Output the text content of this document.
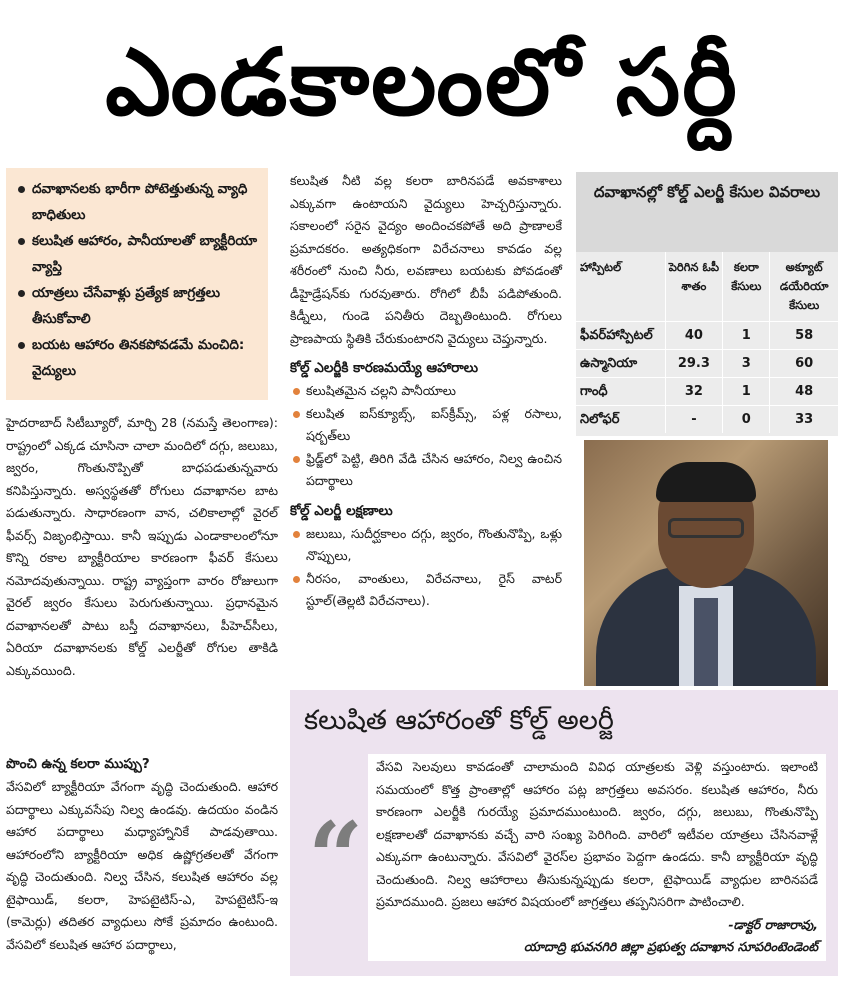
ఎండకాలంలో సర్దీ
దవాఖానలకు భారీగా పోటెత్తుతున్న వ్యాధి బాధితులు
కలుషిత ఆహారం, పానీయాలతో బ్యాక్టీరియా వ్యాప్తి
యాత్రలు చేసేవాళ్లు ప్రత్యేక జాగ్రత్తలు తీసుకోవాలి
బయట ఆహారం తినకపోవడమే మంచిది: వైద్యులు

హైదరాబాద్ సిటీబ్యూరో, మార్చి 28 (నమస్తే తెలంగాణ): రాష్ట్రంలో ఎక్కడ చూసినా చాలా మందిలో దగ్గు, జలుబు, జ్వరం, గొంతునొప్పితో బాధపడుతున్నవారు కనిపిస్తున్నారు. అస్వస్థతతో రోగులు దవాఖానల బాట పడుతున్నారు. సాధారణంగా వాన, చలికాలాల్లో వైరల్ ఫీవర్స్ విజృంభిస్తాయి. కానీ ఇప్పుడు ఎండాకాలంలోనూ కొన్ని రకాల బ్యాక్టీరియాల కారణంగా ఫీవర్ కేసులు నమోదవుతున్నాయి. రాష్ట్ర వ్యాప్తంగా వారం రోజులుగా వైరల్ జ్వరం కేసులు పెరుగుతున్నాయి. ప్రధానమైన దవాఖానలతో పాటు బస్తీ దవాఖానలు, పీహెచ్‌సీలు, ఏరియా దవాఖానలకు కోల్డ్ ఎలర్జీతో రోగుల తాకిడి ఎక్కువయింది.

పొంచి ఉన్న కలరా ముప్పు?

వేసవిలో బ్యాక్టీరియా వేగంగా వృద్ధి చెందుతుంది. ఆహార పదార్థాలు ఎక్కువసేపు నిల్వ ఉండవు. ఉదయం వండిన ఆహార పదార్థాలు మధ్యాహ్నానికే పాడవుతాయి. ఆహారంలోని బ్యాక్టీరియా అధిక ఉష్ణోగ్రతలతో వేగంగా వృద్ధి చెందుతుంది. నిల్వ చేసిన, కలుషిత ఆహారం వల్ల టైఫాయిడ్, కలరా, హెపటైటిస్-ఎ, హెపటైటిస్-ఇ (కామెర్లు) తదితర వ్యాధులు సోకే ప్రమాదం ఉంటుంది. వేసవిలో కలుషిత ఆహార పదార్థాలు,

కలుషిత నీటి వల్ల కలరా బారినపడే అవకాశాలు ఎక్కువగా ఉంటాయని వైద్యులు హెచ్చరిస్తున్నారు. సకాలంలో సరైన వైద్యం అందించకపోతే అది ప్రాణాలకే ప్రమాదకరం. అత్యధికంగా విరేచనాలు కావడం వల్ల శరీరంలో నుంచి నీరు, లవణాలు బయటకు పోవడంతో డీహైడ్రేషన్‌కు గురవుతారు. రోగిలో బీపీ పడిపోతుంది. కిడ్నీలు, గుండె పనితీరు దెబ్బతింటుంది. రోగులు ప్రాణపాయ స్థితికి చేరుకుంటారని వైద్యులు చెప్తున్నారు.

కోల్డ్ ఎలర్జీకి కారణమయ్యే ఆహారాలు

కలుషితమైన చల్లని పానీయాలు
కలుషిత ఐస్‌క్యూబ్స్, ఐస్‌క్రీమ్స్, పళ్ల రసాలు, షర్బత్‌లు
ఫ్రిడ్జ్‌లో పెట్టి, తిరిగి వేడి చేసిన ఆహారం, నిల్వ ఉంచిన పదార్థాలు

కోల్డ్ ఎలర్జీ లక్షణాలు

జలుబు, సుదీర్ఘకాలం దగ్గు, జ్వరం, గొంతునొప్పి, ఒళ్లు నొప్పులు,
నీరసం, వాంతులు, విరేచనాలు, రైస్ వాటర్ స్టూల్(తెల్లటి విరేచనాలు).
దవాఖానల్లో కోల్డ్ ఎలర్జీ కేసుల వివరాలు
హాస్పిటల్	పెరిగిన ఓపీ శాతం	కలరా కేసులు	అక్యూట్ డయేరియా కేసులు
ఫీవర్‌హాస్పిటల్	40	1	58
ఉస్మానియా	29.3	3	60
గాంధీ	32	1	48
నిలోఫర్	-	0	33
కలుషిత ఆహారంతో కోల్డ్ అలర్జీ
“

వేసవి సెలవులు కావడంతో చాలామంది వివిధ యాత్రలకు వెళ్లి వస్తుంటారు. ఇలాంటి సమయంలో కొత్త ప్రాంతాల్లో ఆహారం పట్ల జాగ్రత్తలు అవసరం. కలుషిత ఆహారం, నీరు కారణంగా ఎలర్జీకి గురయ్యే ప్రమాదముంటుంది. జ్వరం, దగ్గు, జలుబు, గొంతునొప్పి లక్షణాలతో దవాఖానకు వచ్చే వారి సంఖ్య పెరిగింది. వారిలో ఇటీవల యాత్రలు చేసినవాళ్లే ఎక్కువగా ఉంటున్నారు. వేసవిలో వైరస్‌ల ప్రభావం పెద్దగా ఉండదు. కానీ బ్యాక్టీరియా వృద్ధి చెందుతుంది. నిల్వ ఆహారాలు తీసుకున్నప్పుడు కలరా, టైఫాయిడ్ వ్యాధుల బారినపడే ప్రమాదముంది. ప్రజలు ఆహార విషయంలో జాగ్రత్తలు తప్పనిసరిగా పాటించాలి.

-డాక్టర్ రాజారావు,

యాదాద్రి భువనగిరి జిల్లా ప్రభుత్వ దవాఖాన సూపరింటెండెంట్
